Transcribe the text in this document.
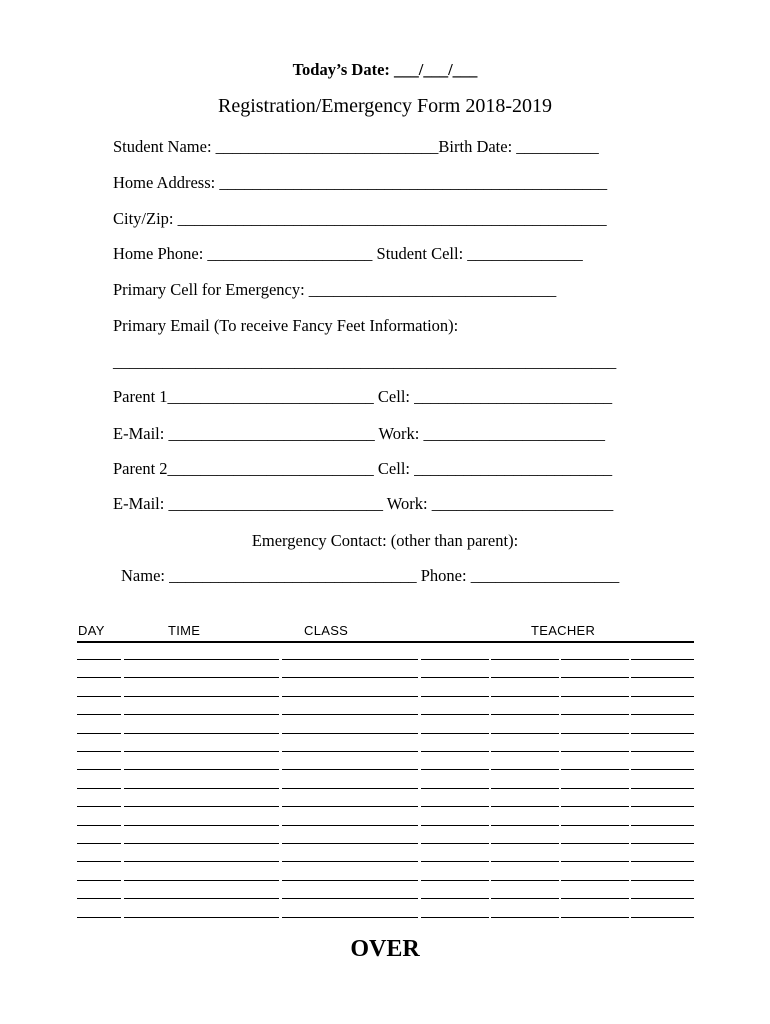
Today’s Date: ___/___/___
Registration/Emergency Form 2018-2019
Student Name: ___________________________Birth Date: __________
Home Address: _______________________________________________
City/Zip: ____________________________________________________
Home Phone: ____________________ Student Cell: ______________
Primary Cell for Emergency: ______________________________
Primary Email (To receive Fancy Feet Information):
_____________________________________________________________
Parent 1_________________________ Cell: ________________________
E-Mail: _________________________ Work: ______________________
Parent 2_________________________ Cell: ________________________
E-Mail: __________________________ Work: ______________________
Emergency Contact: (other than parent):
Name: ______________________________ Phone: __________________
DAY	TIME	CLASS	TEACHER
OVER
